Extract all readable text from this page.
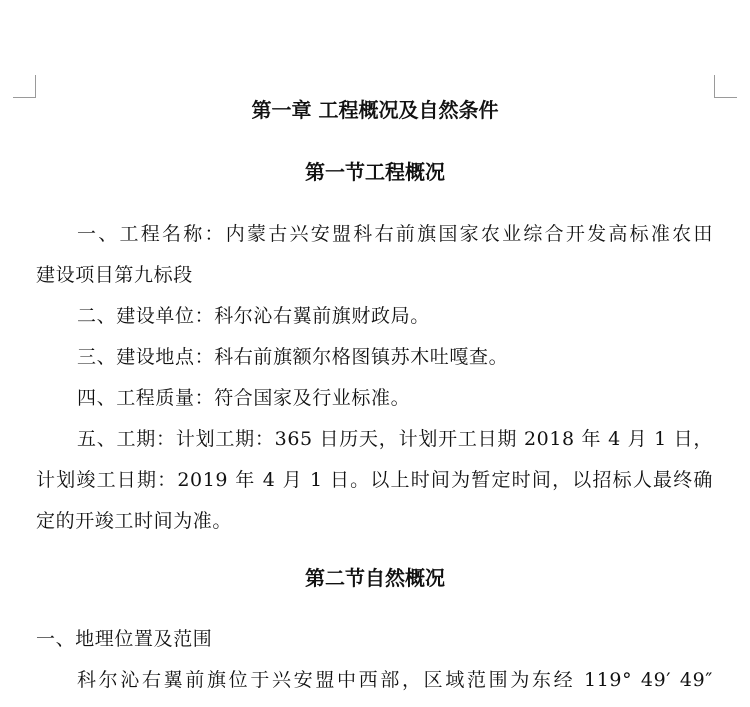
第一章 工程概况及自然条件
第一节工程概况
一、工程名称：内蒙古兴安盟科右前旗国家农业综合开发高标准农田
建设项目第九标段
二、建设单位：科尔沁右翼前旗财政局。
三、建设地点：科右前旗额尔格图镇苏木吐嘎查。
四、工程质量：符合国家及行业标准。
五、工期：计划工期：365 日历天，计划开工日期 2018 年 4 月 1 日，
计划竣工日期：2019 年 4 月 1 日。以上时间为暂定时间，以招标人最终确
定的开竣工时间为准。
第二节自然概况
一、地理位置及范围
科尔沁右翼前旗位于兴安盟中西部，区域范围为东经 119° 49′ 49″
